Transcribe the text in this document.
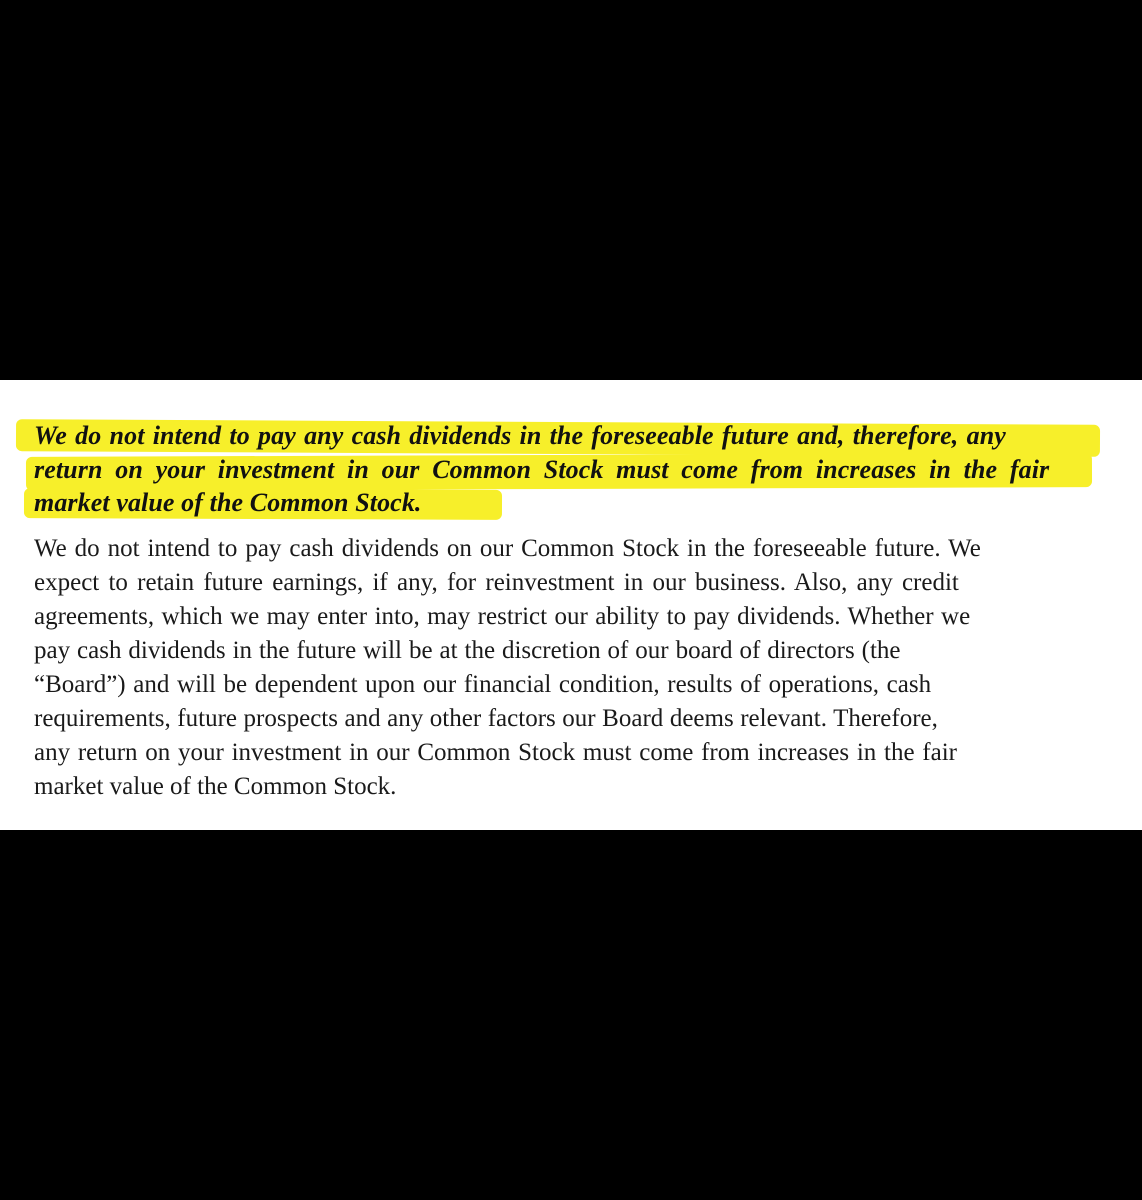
We do not intend to pay any cash dividends in the foreseeable future and, therefore, any
return on your investment in our Common Stock must come from increases in the fair
market value of the Common Stock.
We do not intend to pay cash dividends on our Common Stock in the foreseeable future. We
expect to retain future earnings, if any, for reinvestment in our business. Also, any credit
agreements, which we may enter into, may restrict our ability to pay dividends. Whether we
pay cash dividends in the future will be at the discretion of our board of directors (the
“Board”) and will be dependent upon our financial condition, results of operations, cash
requirements, future prospects and any other factors our Board deems relevant. Therefore,
any return on your investment in our Common Stock must come from increases in the fair
market value of the Common Stock.
